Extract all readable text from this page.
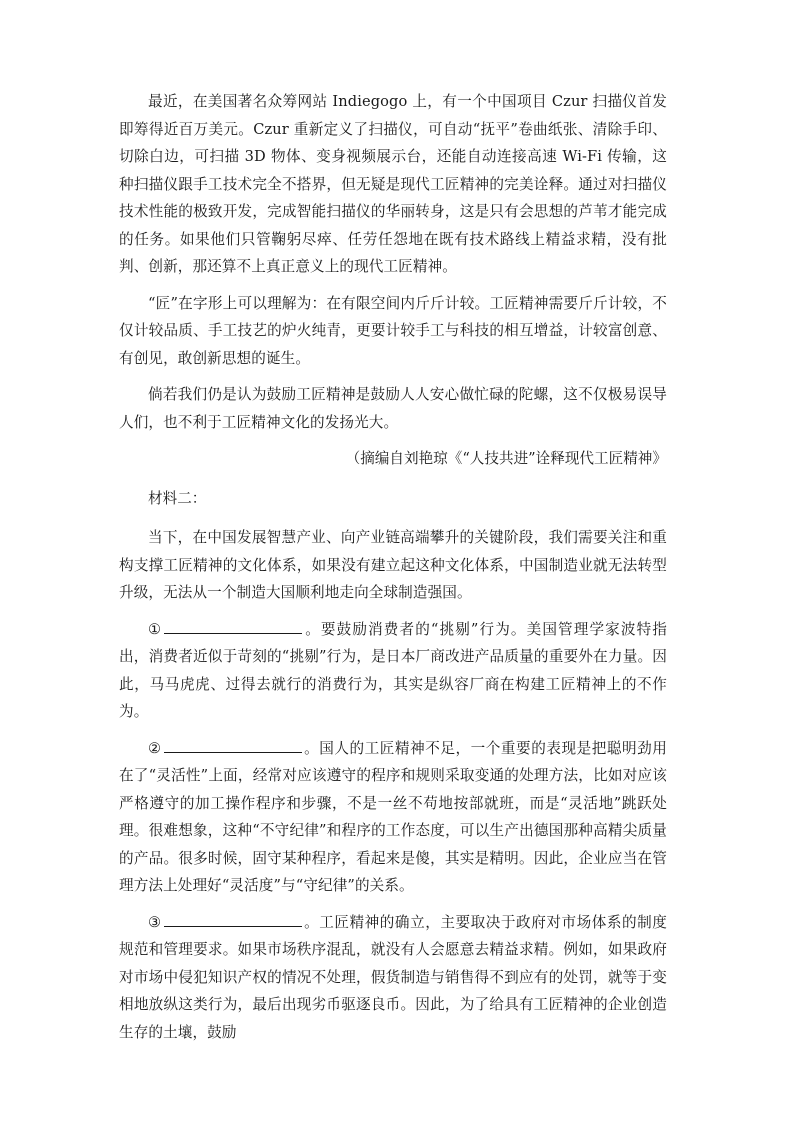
最近，在美国著名众筹网站 Indiegogo 上，有一个中国项目 Czur 扫描仪首发即筹得近百万美元。Czur 重新定义了扫描仪，可自动“抚平”卷曲纸张、清除手印、切除白边，可扫描 3D 物体、变身视频展示台，还能自动连接高速 Wi-Fi 传输，这种扫描仪跟手工技术完全不搭界，但无疑是现代工匠精神的完美诠释。通过对扫描仪技术性能的极致开发，完成智能扫描仪的华丽转身，这是只有会思想的芦苇才能完成的任务。如果他们只管鞠躬尽瘁、任劳任怨地在既有技术路线上精益求精，没有批判、创新，那还算不上真正意义上的现代工匠精神。

“匠”在字形上可以理解为：在有限空间内斤斤计较。工匠精神需要斤斤计较，不仅计较品质、手工技艺的炉火纯青，更要计较手工与科技的相互增益，计较富创意、有创见，敢创新思想的诞生。

倘若我们仍是认为鼓励工匠精神是鼓励人人安心做忙碌的陀螺，这不仅极易误导人们，也不利于工匠精神文化的发扬光大。

（摘编自刘艳琼《“人技共进”诠释现代工匠精神》

材料二：

当下，在中国发展智慧产业、向产业链高端攀升的关键阶段，我们需要关注和重构支撑工匠精神的文化体系，如果没有建立起这种文化体系，中国制造业就无法转型升级，无法从一个制造大国顺利地走向全球制造强国。

①	。要鼓励消费者的“挑剔”行为。美国管理学家波特指出，消费者近似于苛刻的“挑剔”行为，是日本厂商改进产品质量的重要外在力量。因此，马马虎虎、过得去就行的消费行为，其实是纵容厂商在构建工匠精神上的不作为。

②	。国人的工匠精神不足，一个重要的表现是把聪明劲用在了“灵活性”上面，经常对应该遵守的程序和规则采取变通的处理方法，比如对应该严格遵守的加工操作程序和步骤，不是一丝不苟地按部就班，而是“灵活地”跳跃处理。很难想象，这种“不守纪律”和程序的工作态度，可以生产出德国那种高精尖质量的产品。很多时候，固守某种程序，看起来是傻，其实是精明。因此，企业应当在管理方法上处理好“灵活度”与“守纪律”的关系。

③	。工匠精神的确立，主要取决于政府对市场体系的制度规范和管理要求。如果市场秩序混乱，就没有人会愿意去精益求精。例如，如果政府对市场中侵犯知识产权的情况不处理，假货制造与销售得不到应有的处罚，就等于变相地放纵这类行为，最后出现劣币驱逐良币。因此，为了给具有工匠精神的企业创造生存的土壤，鼓励
